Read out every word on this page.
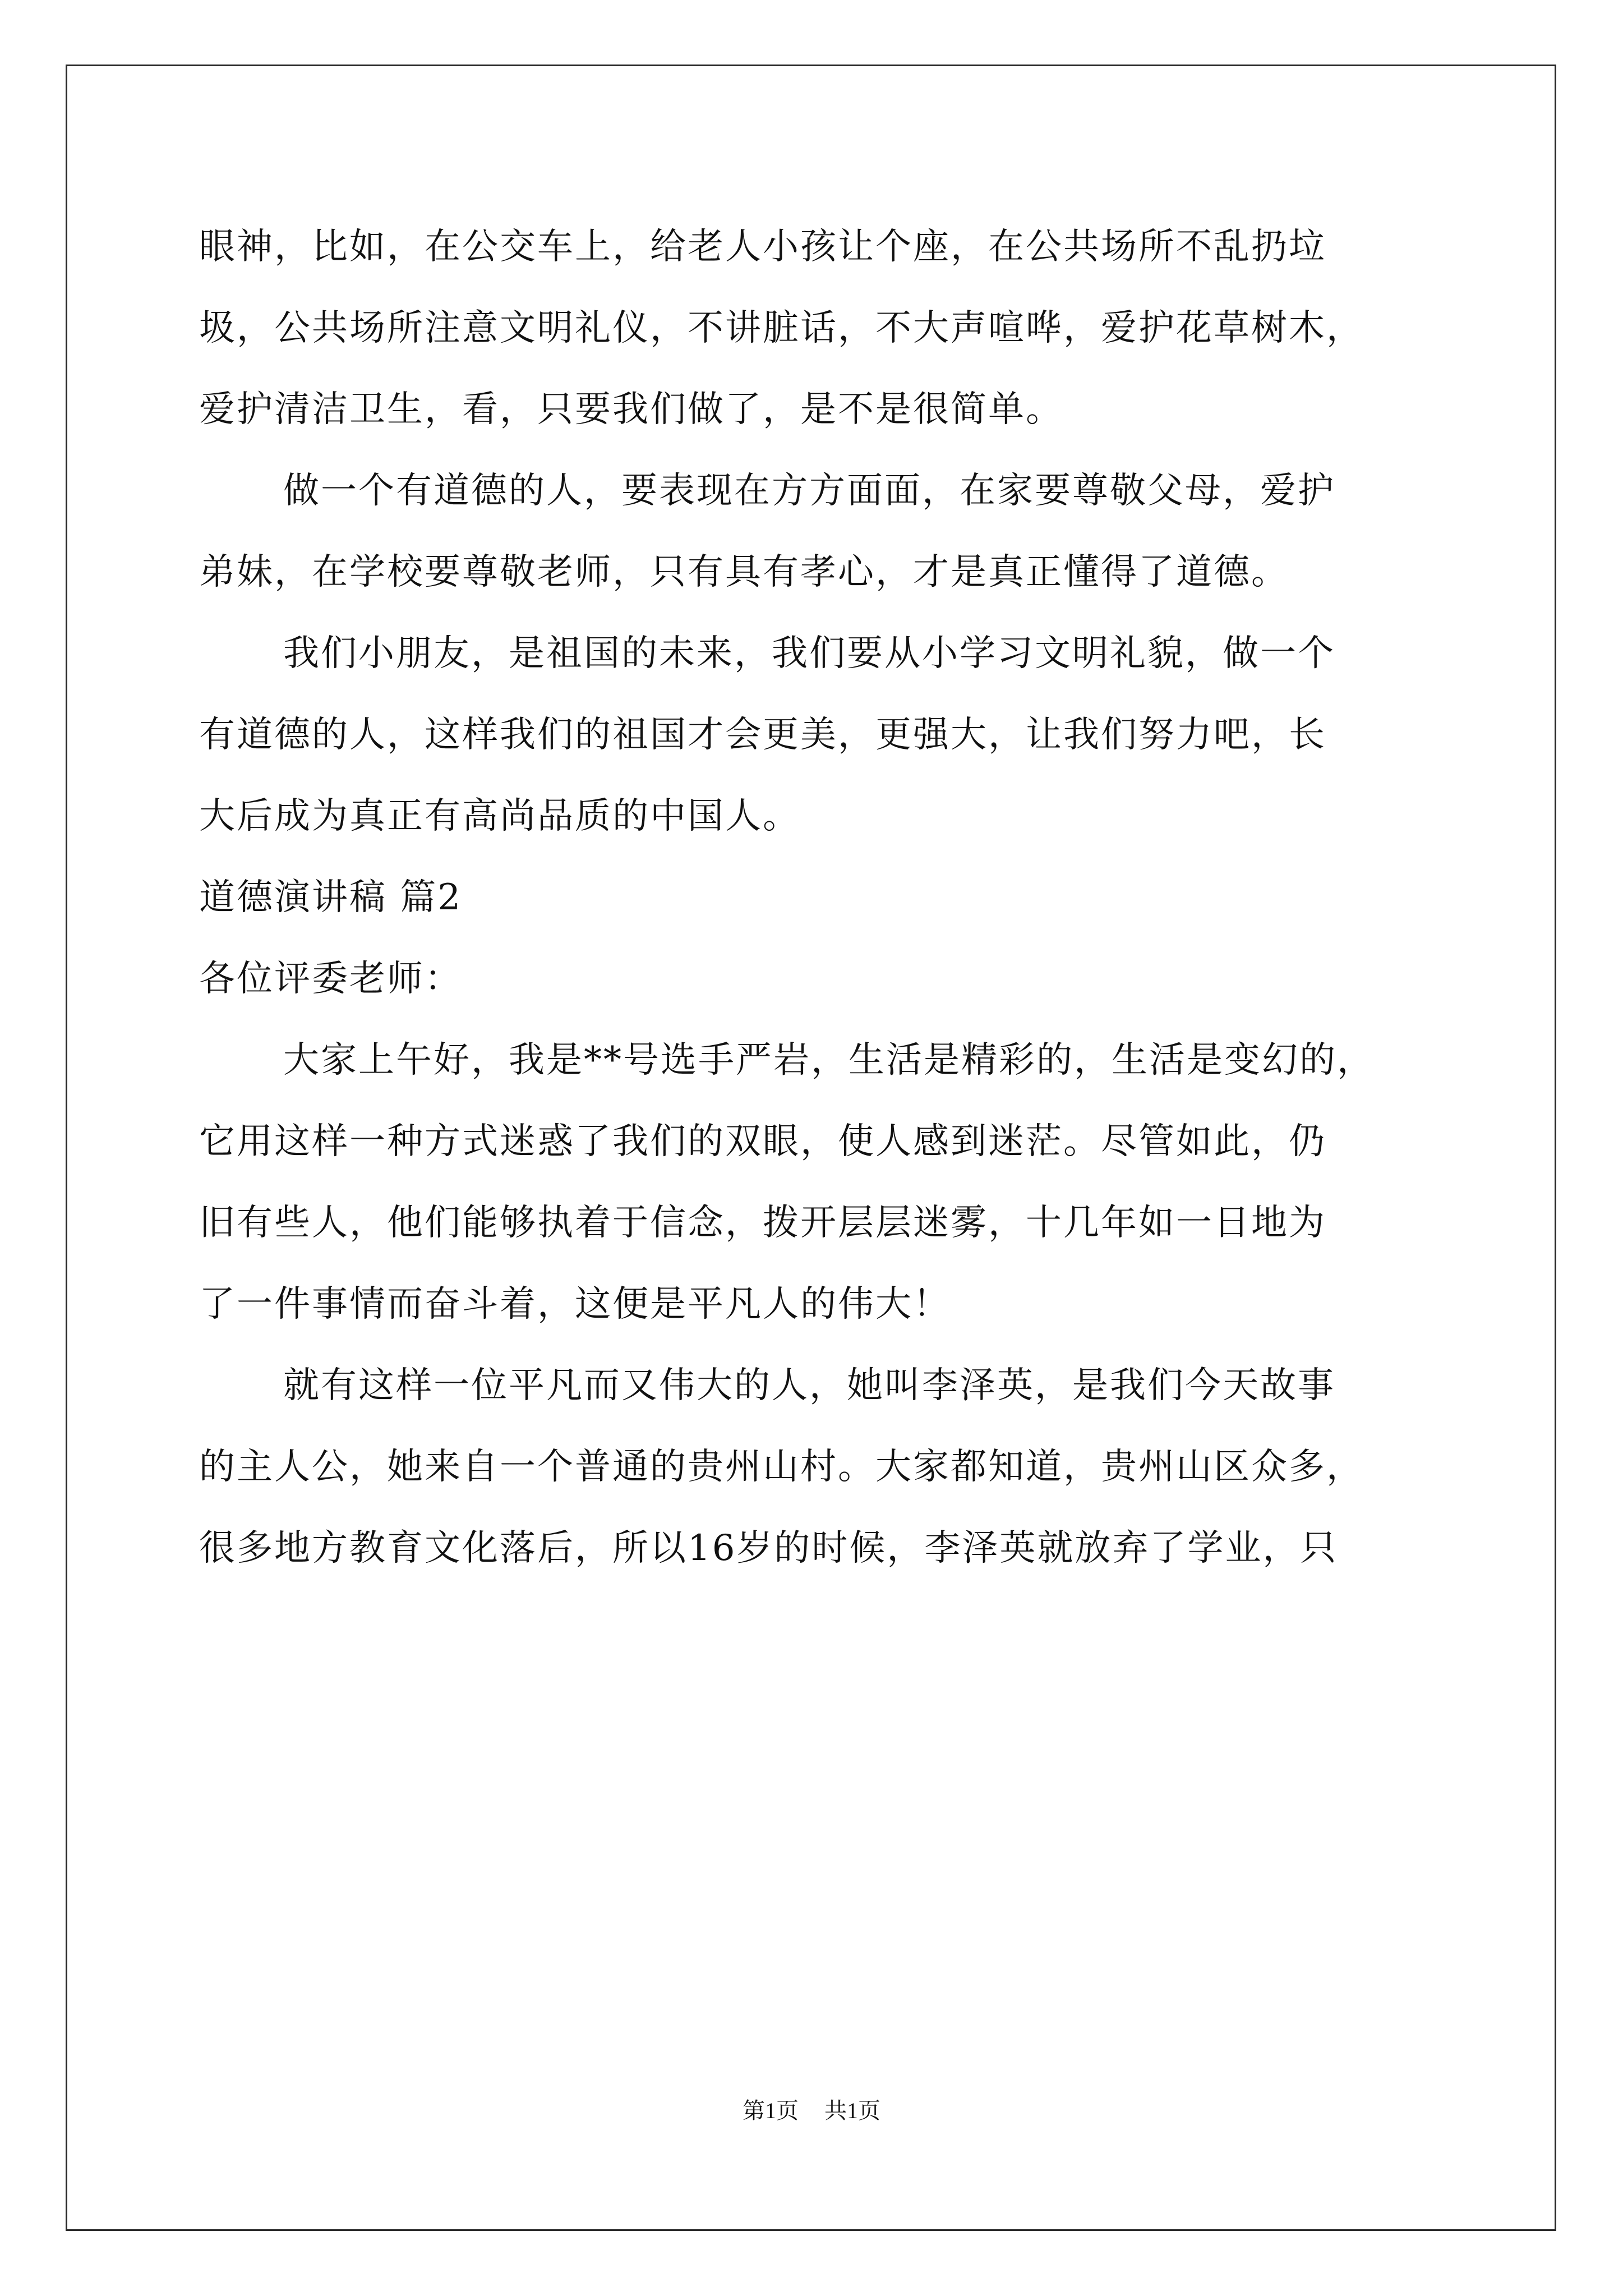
眼神，比如，在公交车上，给老人小孩让个座，在公共场所不乱扔垃
圾，公共场所注意文明礼仪，不讲脏话，不大声喧哗，爱护花草树木，
爱护清洁卫生，看，只要我们做了，是不是很简单。
做一个有道德的人，要表现在方方面面，在家要尊敬父母，爱护
弟妹，在学校要尊敬老师，只有具有孝心，才是真正懂得了道德。
我们小朋友，是祖国的未来，我们要从小学习文明礼貌，做一个
有道德的人，这样我们的祖国才会更美，更强大，让我们努力吧，长
大后成为真正有高尚品质的中国人。
道德演讲稿 篇2
各位评委老师：
大家上午好，我是**号选手严岩，生活是精彩的，生活是变幻的，
它用这样一种方式迷惑了我们的双眼，使人感到迷茫。尽管如此，仍
旧有些人，他们能够执着于信念，拨开层层迷雾，十几年如一日地为
了一件事情而奋斗着，这便是平凡人的伟大！
就有这样一位平凡而又伟大的人，她叫李泽英，是我们今天故事
的主人公，她来自一个普通的贵州山村。大家都知道，贵州山区众多，
很多地方教育文化落后，所以16岁的时候，李泽英就放弃了学业，只
第1页 共1页
